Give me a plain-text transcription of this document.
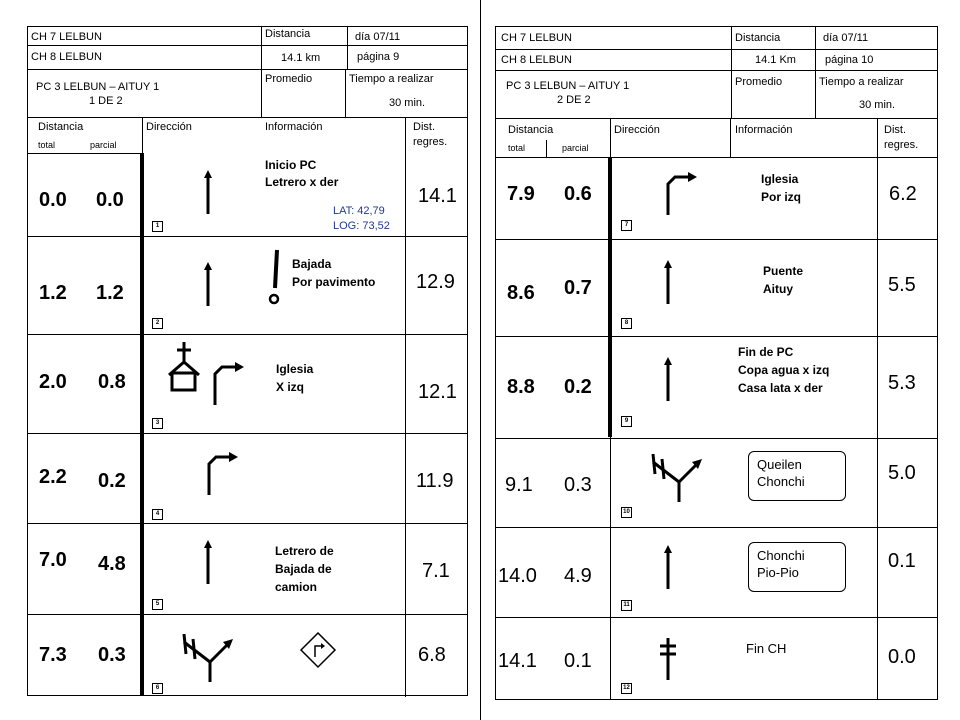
CH 7 LELBUN
CH 8 LELBUN
Distancia
14.1 km
día 07/11
página 9
PC 3 LELBUN – AITUY 1
1 DE 2
Promedio	Tiempo a realizar
30 min.
Distancia
total	parcial
Dirección	Información	Dist.
regres.
0.0 0.0
1
Inicio PC
Letrero x der
LAT: 42,79
LOG: 73,52
14.1
1.2 1.2
2
Bajada
Por pavimento 12.9
2.0 0.8
3
Iglesia
X izq	12.1
2.2 0.2
4
11.9
7.0 4.8
5
Letrero de
Bajada de
camion
7.1
7.3 0.3
6
6.8
CH 7 LELBUN
CH 8 LELBUN
Distancia
14.1 Km
día 07/11
página 10
PC 3 LELBUN – AITUY 1
2 DE 2
Promedio	Tiempo a realizar
30 min.
Distancia
total	parcial
Dirección	Información	Dist.
regres.
7.9 0.6
7
Iglesia
Por izq	6.2
8.6 0.7
8
Puente
Aituy	5.5
8.8 0.2
9
Fin de PC
Copa agua x izq
Casa lata x der	5.3
9.1 0.3
10
Queilen
Chonchi	5.0
14.0 4.9
11
Chonchi
Pio-Pio
0.1
14.1 0.1
12
Fin CH	0.0
